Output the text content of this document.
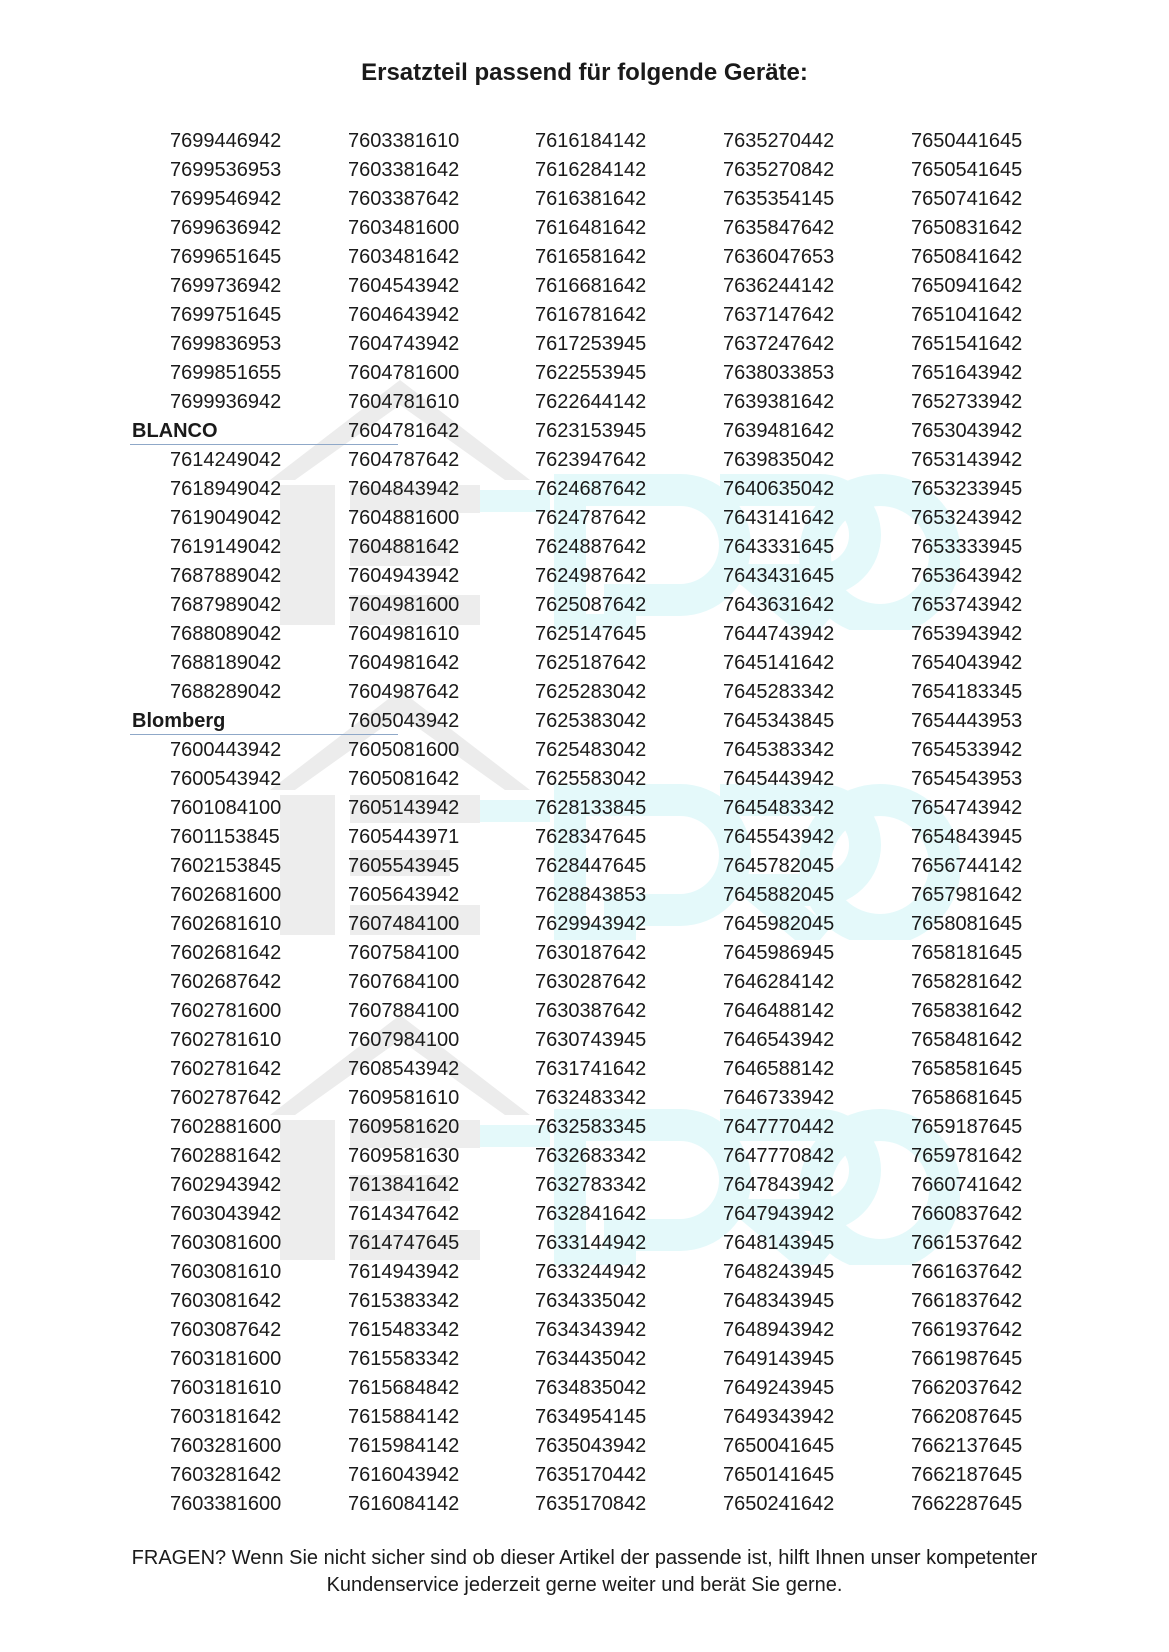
Ersatzteil passend für folgende Geräte:
7699446942
7699536953
7699546942
7699636942
7699651645
7699736942
7699751645
7699836953
7699851655
7699936942
BLANCO
7614249042
7618949042
7619049042
7619149042
7687889042
7687989042
7688089042
7688189042
7688289042
Blomberg
7600443942
7600543942
7601084100
7601153845
7602153845
7602681600
7602681610
7602681642
7602687642
7602781600
7602781610
7602781642
7602787642
7602881600
7602881642
7602943942
7603043942
7603081600
7603081610
7603081642
7603087642
7603181600
7603181610
7603181642
7603281600
7603281642
7603381600
7603381610
7603381642
7603387642
7603481600
7603481642
7604543942
7604643942
7604743942
7604781600
7604781610
7604781642
7604787642
7604843942
7604881600
7604881642
7604943942
7604981600
7604981610
7604981642
7604987642
7605043942
7605081600
7605081642
7605143942
7605443971
7605543945
7605643942
7607484100
7607584100
7607684100
7607884100
7607984100
7608543942
7609581610
7609581620
7609581630
7613841642
7614347642
7614747645
7614943942
7615383342
7615483342
7615583342
7615684842
7615884142
7615984142
7616043942
7616084142
7616184142
7616284142
7616381642
7616481642
7616581642
7616681642
7616781642
7617253945
7622553945
7622644142
7623153945
7623947642
7624687642
7624787642
7624887642
7624987642
7625087642
7625147645
7625187642
7625283042
7625383042
7625483042
7625583042
7628133845
7628347645
7628447645
7628843853
7629943942
7630187642
7630287642
7630387642
7630743945
7631741642
7632483342
7632583345
7632683342
7632783342
7632841642
7633144942
7633244942
7634335042
7634343942
7634435042
7634835042
7634954145
7635043942
7635170442
7635170842
7635270442
7635270842
7635354145
7635847642
7636047653
7636244142
7637147642
7637247642
7638033853
7639381642
7639481642
7639835042
7640635042
7643141642
7643331645
7643431645
7643631642
7644743942
7645141642
7645283342
7645343845
7645383342
7645443942
7645483342
7645543942
7645782045
7645882045
7645982045
7645986945
7646284142
7646488142
7646543942
7646588142
7646733942
7647770442
7647770842
7647843942
7647943942
7648143945
7648243945
7648343945
7648943942
7649143945
7649243945
7649343942
7650041645
7650141645
7650241642
7650441645
7650541645
7650741642
7650831642
7650841642
7650941642
7651041642
7651541642
7651643942
7652733942
7653043942
7653143942
7653233945
7653243942
7653333945
7653643942
7653743942
7653943942
7654043942
7654183345
7654443953
7654533942
7654543953
7654743942
7654843945
7656744142
7657981642
7658081645
7658181645
7658281642
7658381642
7658481642
7658581645
7658681645
7659187645
7659781642
7660741642
7660837642
7661537642
7661637642
7661837642
7661937642
7661987645
7662037642
7662087645
7662137645
7662187645
7662287645
FRAGEN? Wenn Sie nicht sicher sind ob dieser Artikel der passende ist, hilft Ihnen unser kompetenter
Kundenservice jederzeit gerne weiter und berät Sie gerne.
